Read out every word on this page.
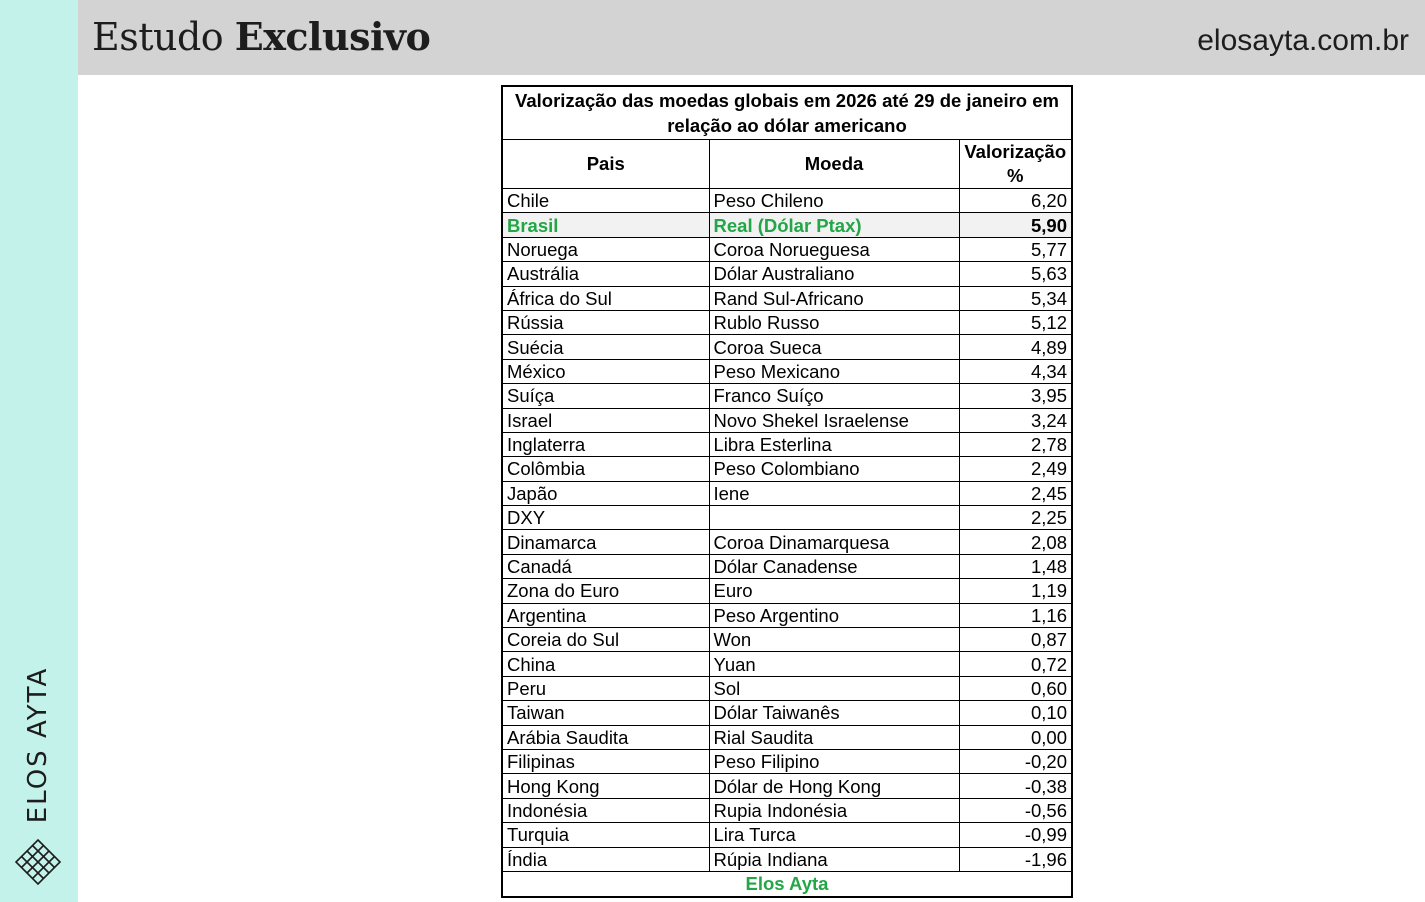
ELOS AYTA
Estudo Exclusivo	elosayta.com.br
Valorização das moedas globais em 2026 até 29 de janeiro em relação ao dólar americano		
Pais	Moeda	Valorização %
Chile	Peso Chileno	6,20
Brasil	Real (Dólar Ptax)	5,90
Noruega	Coroa Norueguesa	5,77
Austrália	Dólar Australiano	5,63
África do Sul	Rand Sul-Africano	5,34
Rússia	Rublo Russo	5,12
Suécia	Coroa Sueca	4,89
México	Peso Mexicano	4,34
Suíça	Franco Suíço	3,95
Israel	Novo Shekel Israelense	3,24
Inglaterra	Libra Esterlina	2,78
Colômbia	Peso Colombiano	2,49
Japão	Iene	2,45
DXY		2,25
Dinamarca	Coroa Dinamarquesa	2,08
Canadá	Dólar Canadense	1,48
Zona do Euro	Euro	1,19
Argentina	Peso Argentino	1,16
Coreia do Sul	Won	0,87
China	Yuan	0,72
Peru	Sol	0,60
Taiwan	Dólar Taiwanês	0,10
Arábia Saudita	Rial Saudita	0,00
Filipinas	Peso Filipino	-0,20
Hong Kong	Dólar de Hong Kong	-0,38
Indonésia	Rupia Indonésia	-0,56
Turquia	Lira Turca	-0,99
Índia	Rúpia Indiana	-1,96
Elos Ayta		
